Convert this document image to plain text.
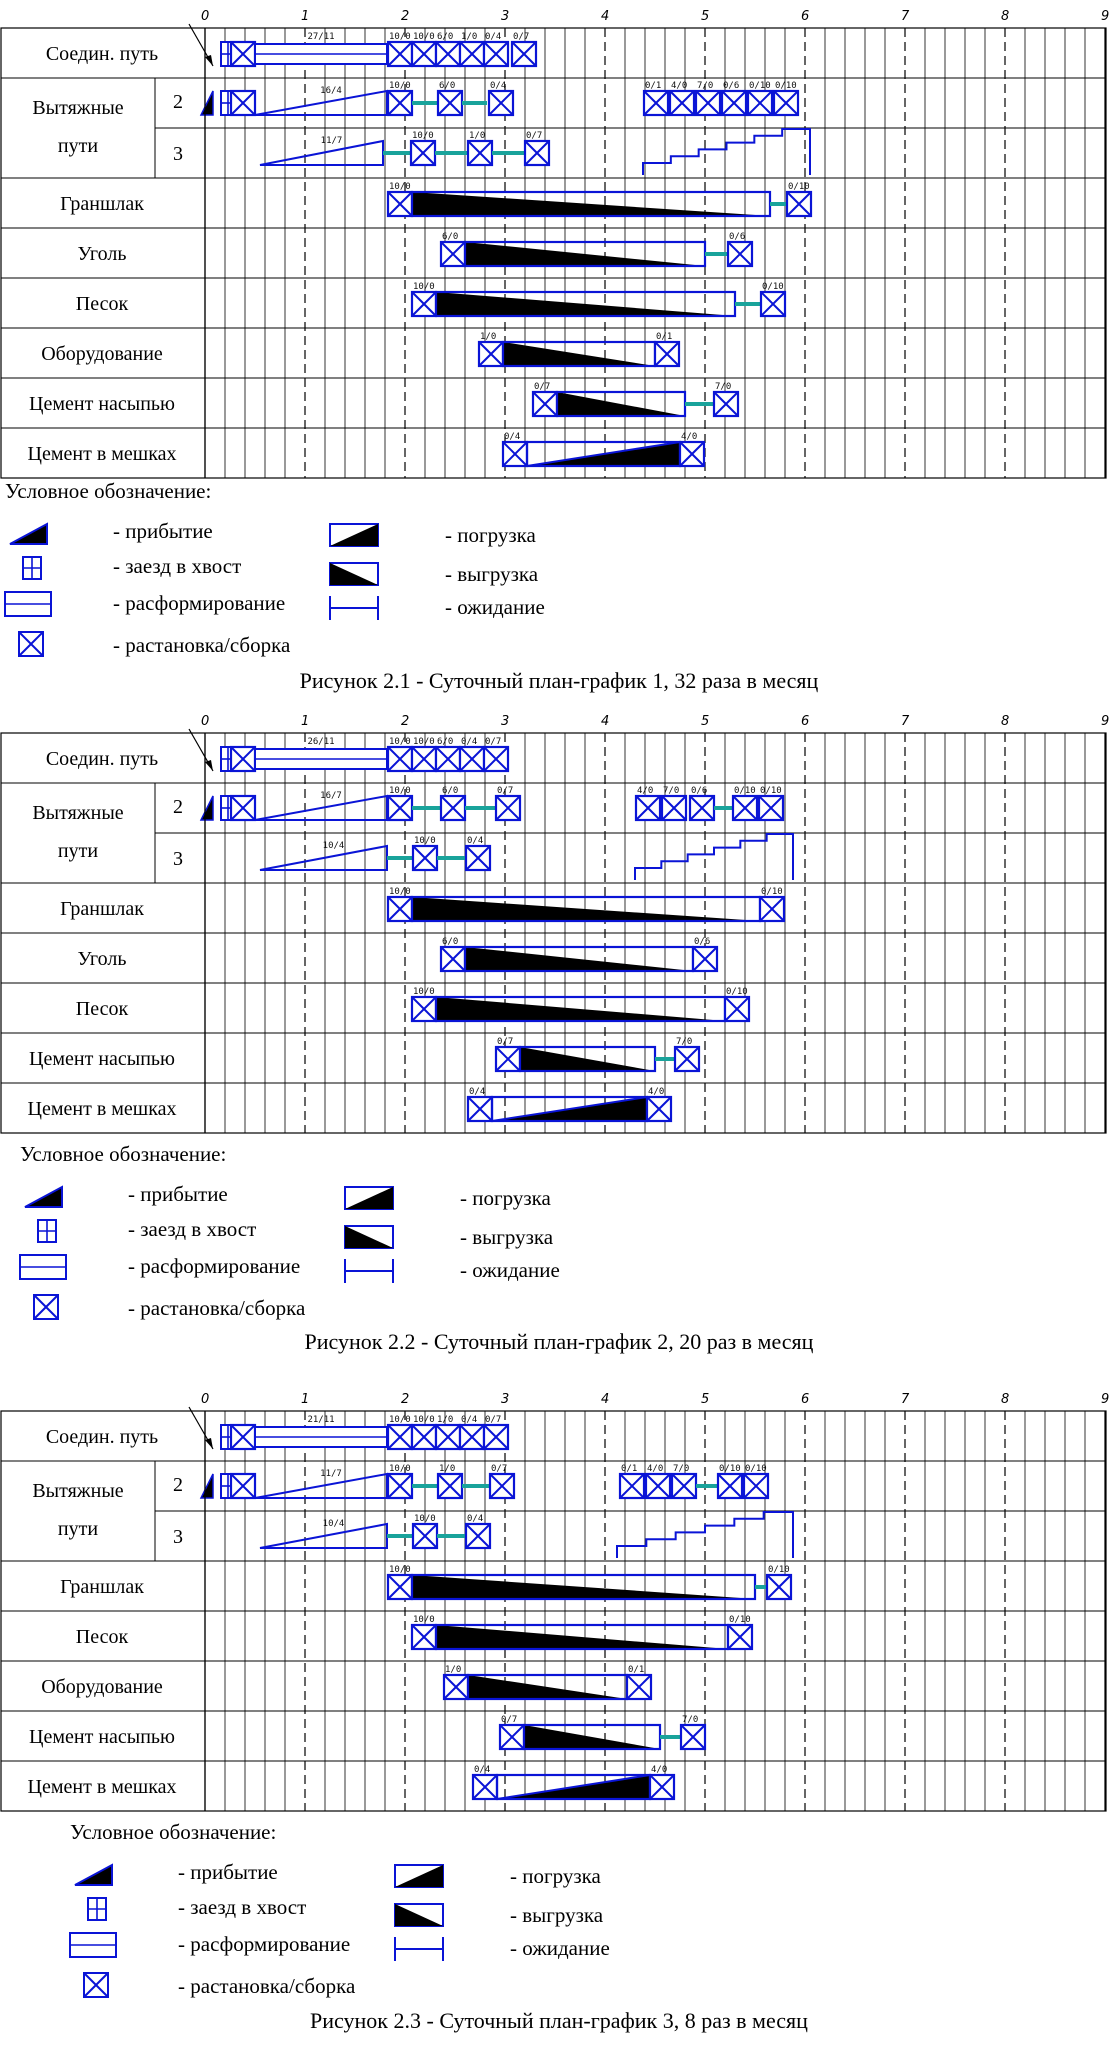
0	1	2	3	4	5	6	7	8	9
Соедин. путь
27/11	10/0 10/0 6/0 1/0 0/4 0/7
Вытяжные
пути
2
3
16/4	10/0	6/0	0/4	0/1 4/0 7/0 0/6 0/10 0/10
11/7	10/0	1/0	0/7
Граншлак
10/0	0/10
Уголь
6/0	0/6
Песок
10/0	0/10
Оборудование
1/0	0/1
Цемент насыпью
0/7	7/0
Цемент в мешках
0/4	4/0
Условное обозначение:
- прибытие
- заезд в хвост
- расформирование
- растановка/сборка
- погрузка
- выгрузка
- ожидание
Рисунок 2.1 - Суточный план-график 1, 32 раза в месяц
0	1	2	3	4	5	6	7	8	9
Соедин. путь
26/11	10/0 10/0 6/0 0/4 0/7
Вытяжные
пути
2
3
16/7	10/0	6/0	0/7	4/0 7/0 0/6	0/10 0/10
10/4	10/0	0/4
Граншлак
10/0	0/10
Уголь
6/0	0/6
Песок
10/0	0/10
Цемент насыпью
0/7	7/0
Цемент в мешках
0/4	4/0
Условное обозначение:
- прибытие
- заезд в хвост
- расформирование
- растановка/сборка
- погрузка
- выгрузка
- ожидание
Рисунок 2.2 - Суточный план-график 2, 20 раз в месяц
0	1	2	3	4	5	6	7	8	9
Соедин. путь
21/11	10/0 10/0 1/0 0/4 0/7
Вытяжные
пути
2
3
11/7	10/0	1/0	0/7	0/1 4/0 7/0	0/10 0/10
10/4	10/0	0/4
Граншлак
10/0	0/10
Песок
10/0	0/10
Оборудование
1/0	0/1
Цемент насыпью
0/7	7/0
Цемент в мешках
0/4	4/0
Условное обозначение:
- прибытие
- заезд в хвост
- расформирование
- растановка/сборка
- погрузка
- выгрузка
- ожидание
Рисунок 2.3 - Суточный план-график 3, 8 раз в месяц
